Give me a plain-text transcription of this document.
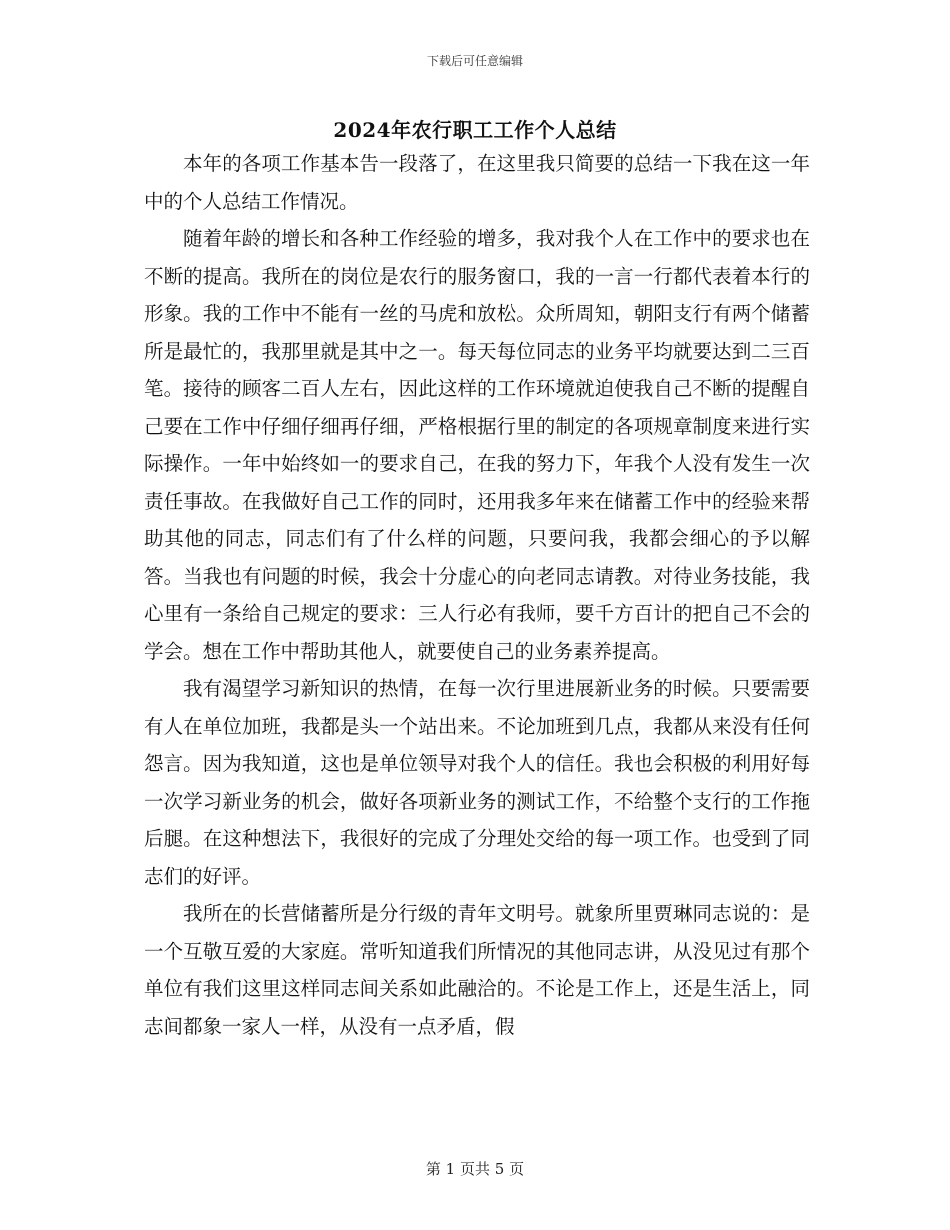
下载后可任意编辑
2024年农行职工工作个人总结

本年的各项工作基本告一段落了，在这里我只简要的总结一下我在这一年中的个人总结工作情况。

随着年龄的增长和各种工作经验的增多，我对我个人在工作中的要求也在不断的提高。我所在的岗位是农行的服务窗口，我的一言一行都代表着本行的形象。我的工作中不能有一丝的马虎和放松。众所周知，朝阳支行有两个储蓄所是最忙的，我那里就是其中之一。每天每位同志的业务平均就要达到二三百笔。接待的顾客二百人左右，因此这样的工作环境就迫使我自己不断的提醒自己要在工作中仔细仔细再仔细，严格根据行里的制定的各项规章制度来进行实际操作。一年中始终如一的要求自己，在我的努力下，年我个人没有发生一次责任事故。在我做好自己工作的同时，还用我多年来在储蓄工作中的经验来帮助其他的同志，同志们有了什么样的问题，只要问我，我都会细心的予以解答。当我也有问题的时候，我会十分虚心的向老同志请教。对待业务技能，我心里有一条给自己规定的要求：三人行必有我师，要千方百计的把自己不会的学会。想在工作中帮助其他人，就要使自己的业务素养提高。

我有渴望学习新知识的热情，在每一次行里进展新业务的时候。只要需要有人在单位加班，我都是头一个站出来。不论加班到几点，我都从来没有任何怨言。因为我知道，这也是单位领导对我个人的信任。我也会积极的利用好每一次学习新业务的机会，做好各项新业务的测试工作，不给整个支行的工作拖后腿。在这种想法下，我很好的完成了分理处交给的每一项工作。也受到了同志们的好评。

我所在的长营储蓄所是分行级的青年文明号。就象所里贾琳同志说的：是一个互敬互爱的大家庭。常听知道我们所情况的其他同志讲，从没见过有那个单位有我们这里这样同志间关系如此融洽的。不论是工作上，还是生活上，同志间都象一家人一样，从没有一点矛盾，假

第 1 页共 5 页
